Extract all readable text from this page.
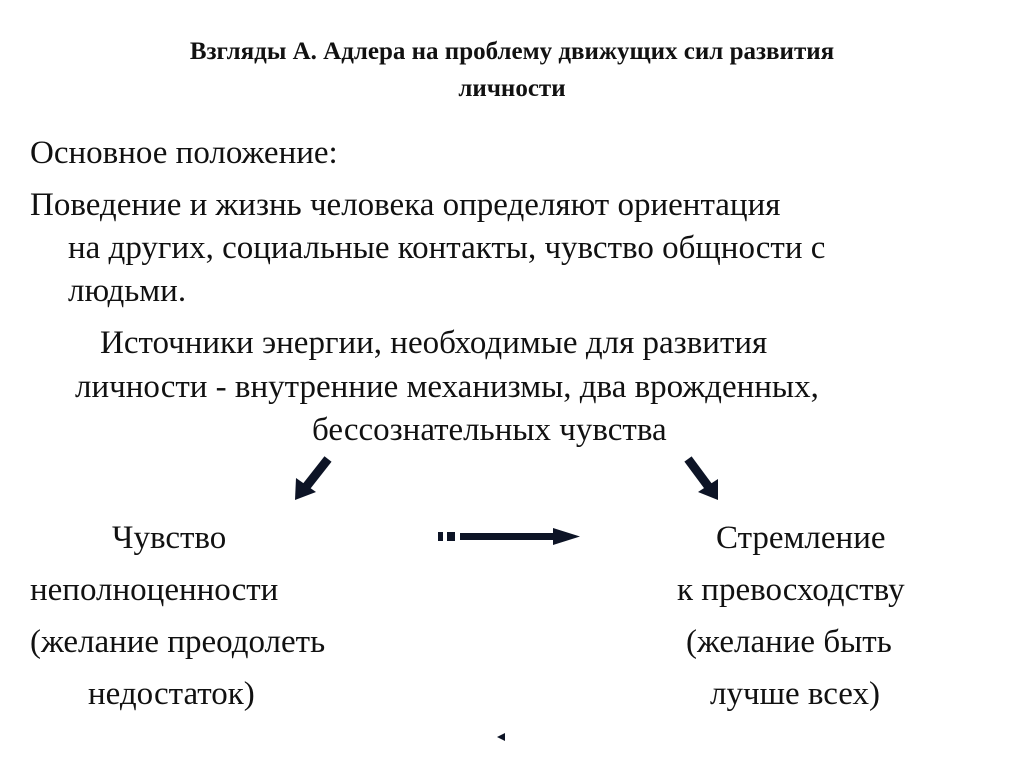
Взгляды А. Адлера на проблему движущих сил развития
личности
Основное положение:
Поведение и жизнь человека определяют ориентация
на других, социальные контакты, чувство общности с
людьми.
Источники энергии, необходимые для развития
личности - внутренние механизмы, два врожденных,
бессознательных чувства
Чувство
неполноценности
(желание преодолеть
недостаток)
Стремление
к превосходству
(желание быть
лучше всех)
